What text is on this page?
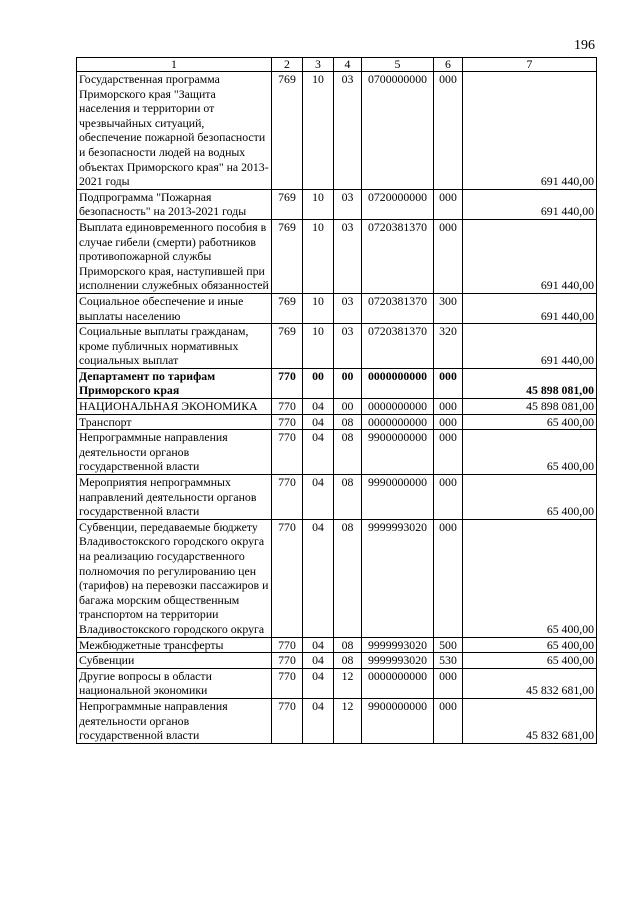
196
1	2	3	4	5	6	7
Государственная программа Приморского края "Защита населения и территории от чрезвычайных ситуаций, обеспечение пожарной безопасности и безопасности людей на водных объектах Приморского края" на 2013-2021 годы	769	10	03	0700000000	000	691 440,00
Подпрограмма "Пожарная безопасность" на 2013-2021 годы	769	10	03	0720000000	000	691 440,00
Выплата единовременного пособия в случае гибели (смерти) работников противопожарной службы Приморского края, наступившей при исполнении служебных обязанностей	769	10	03	0720381370	000	691 440,00
Социальное обеспечение и иные выплаты населению	769	10	03	0720381370	300	691 440,00
Социальные выплаты гражданам, кроме публичных нормативных социальных выплат	769	10	03	0720381370	320	691 440,00
Департамент по тарифам Приморского края	770	00	00	0000000000	000	45 898 081,00
НАЦИОНАЛЬНАЯ ЭКОНОМИКА	770	04	00	0000000000	000	45 898 081,00
Транспорт	770	04	08	0000000000	000	65 400,00
Непрограммные направления деятельности органов государственной власти	770	04	08	9900000000	000	65 400,00
Мероприятия непрограммных направлений деятельности органов государственной власти	770	04	08	9990000000	000	65 400,00
Субвенции, передаваемые бюджету Владивостокского городского округа на реализацию государственного полномочия по регулированию цен (тарифов) на перевозки пассажиров и багажа морским общественным транспортом на территории Владивостокского городского округа	770	04	08	9999993020	000	65 400,00
Межбюджетные трансферты	770	04	08	9999993020	500	65 400,00
Субвенции	770	04	08	9999993020	530	65 400,00
Другие вопросы в области национальной экономики	770	04	12	0000000000	000	45 832 681,00
Непрограммные направления деятельности органов государственной власти	770	04	12	9900000000	000	45 832 681,00
